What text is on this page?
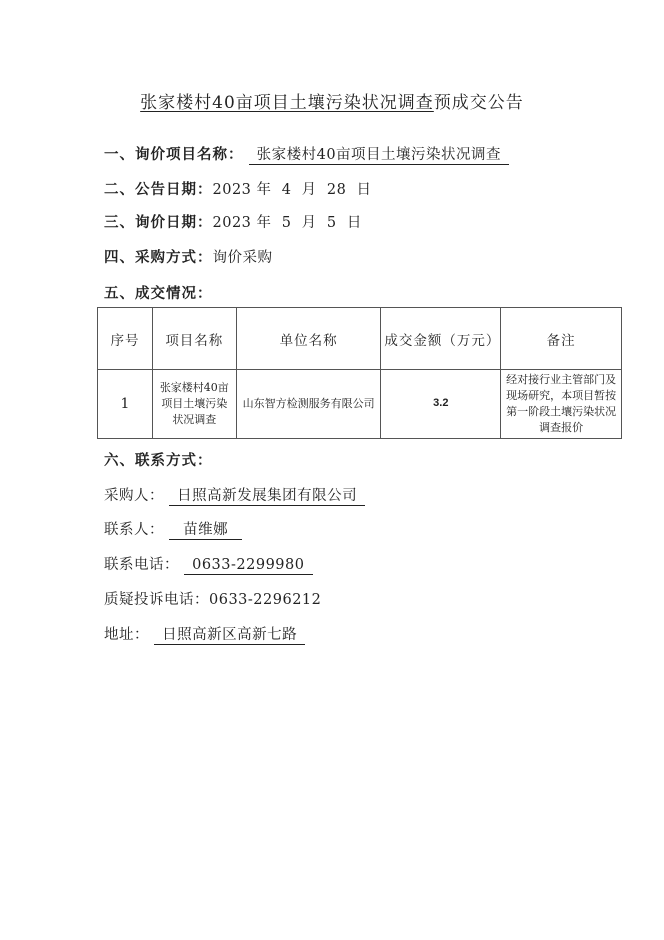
张家楼村40亩项目土壤污染状况调查预成交公告
一、询价项目名称： 张家楼村40亩项目土壤污染状况调查
二、公告日期：2023 年  4  月  28  日
三、询价日期：2023 年  5  月  5  日
四、采购方式：询价采购
五、成交情况：
序号	项目名称	单位名称	成交金额（万元）	备注
1	张家楼村40亩项目土壤污染状况调查	山东智方检测服务有限公司	3.2	经对接行业主管部门及现场研究，本项目暂按第一阶段土壤污染状况调查报价
六、联系方式：
采购人： 日照高新发展集团有限公司
联系人： 苗维娜
联系电话： 0633-2299980
质疑投诉电话：0633-2296212
地址： 日照高新区高新七路
